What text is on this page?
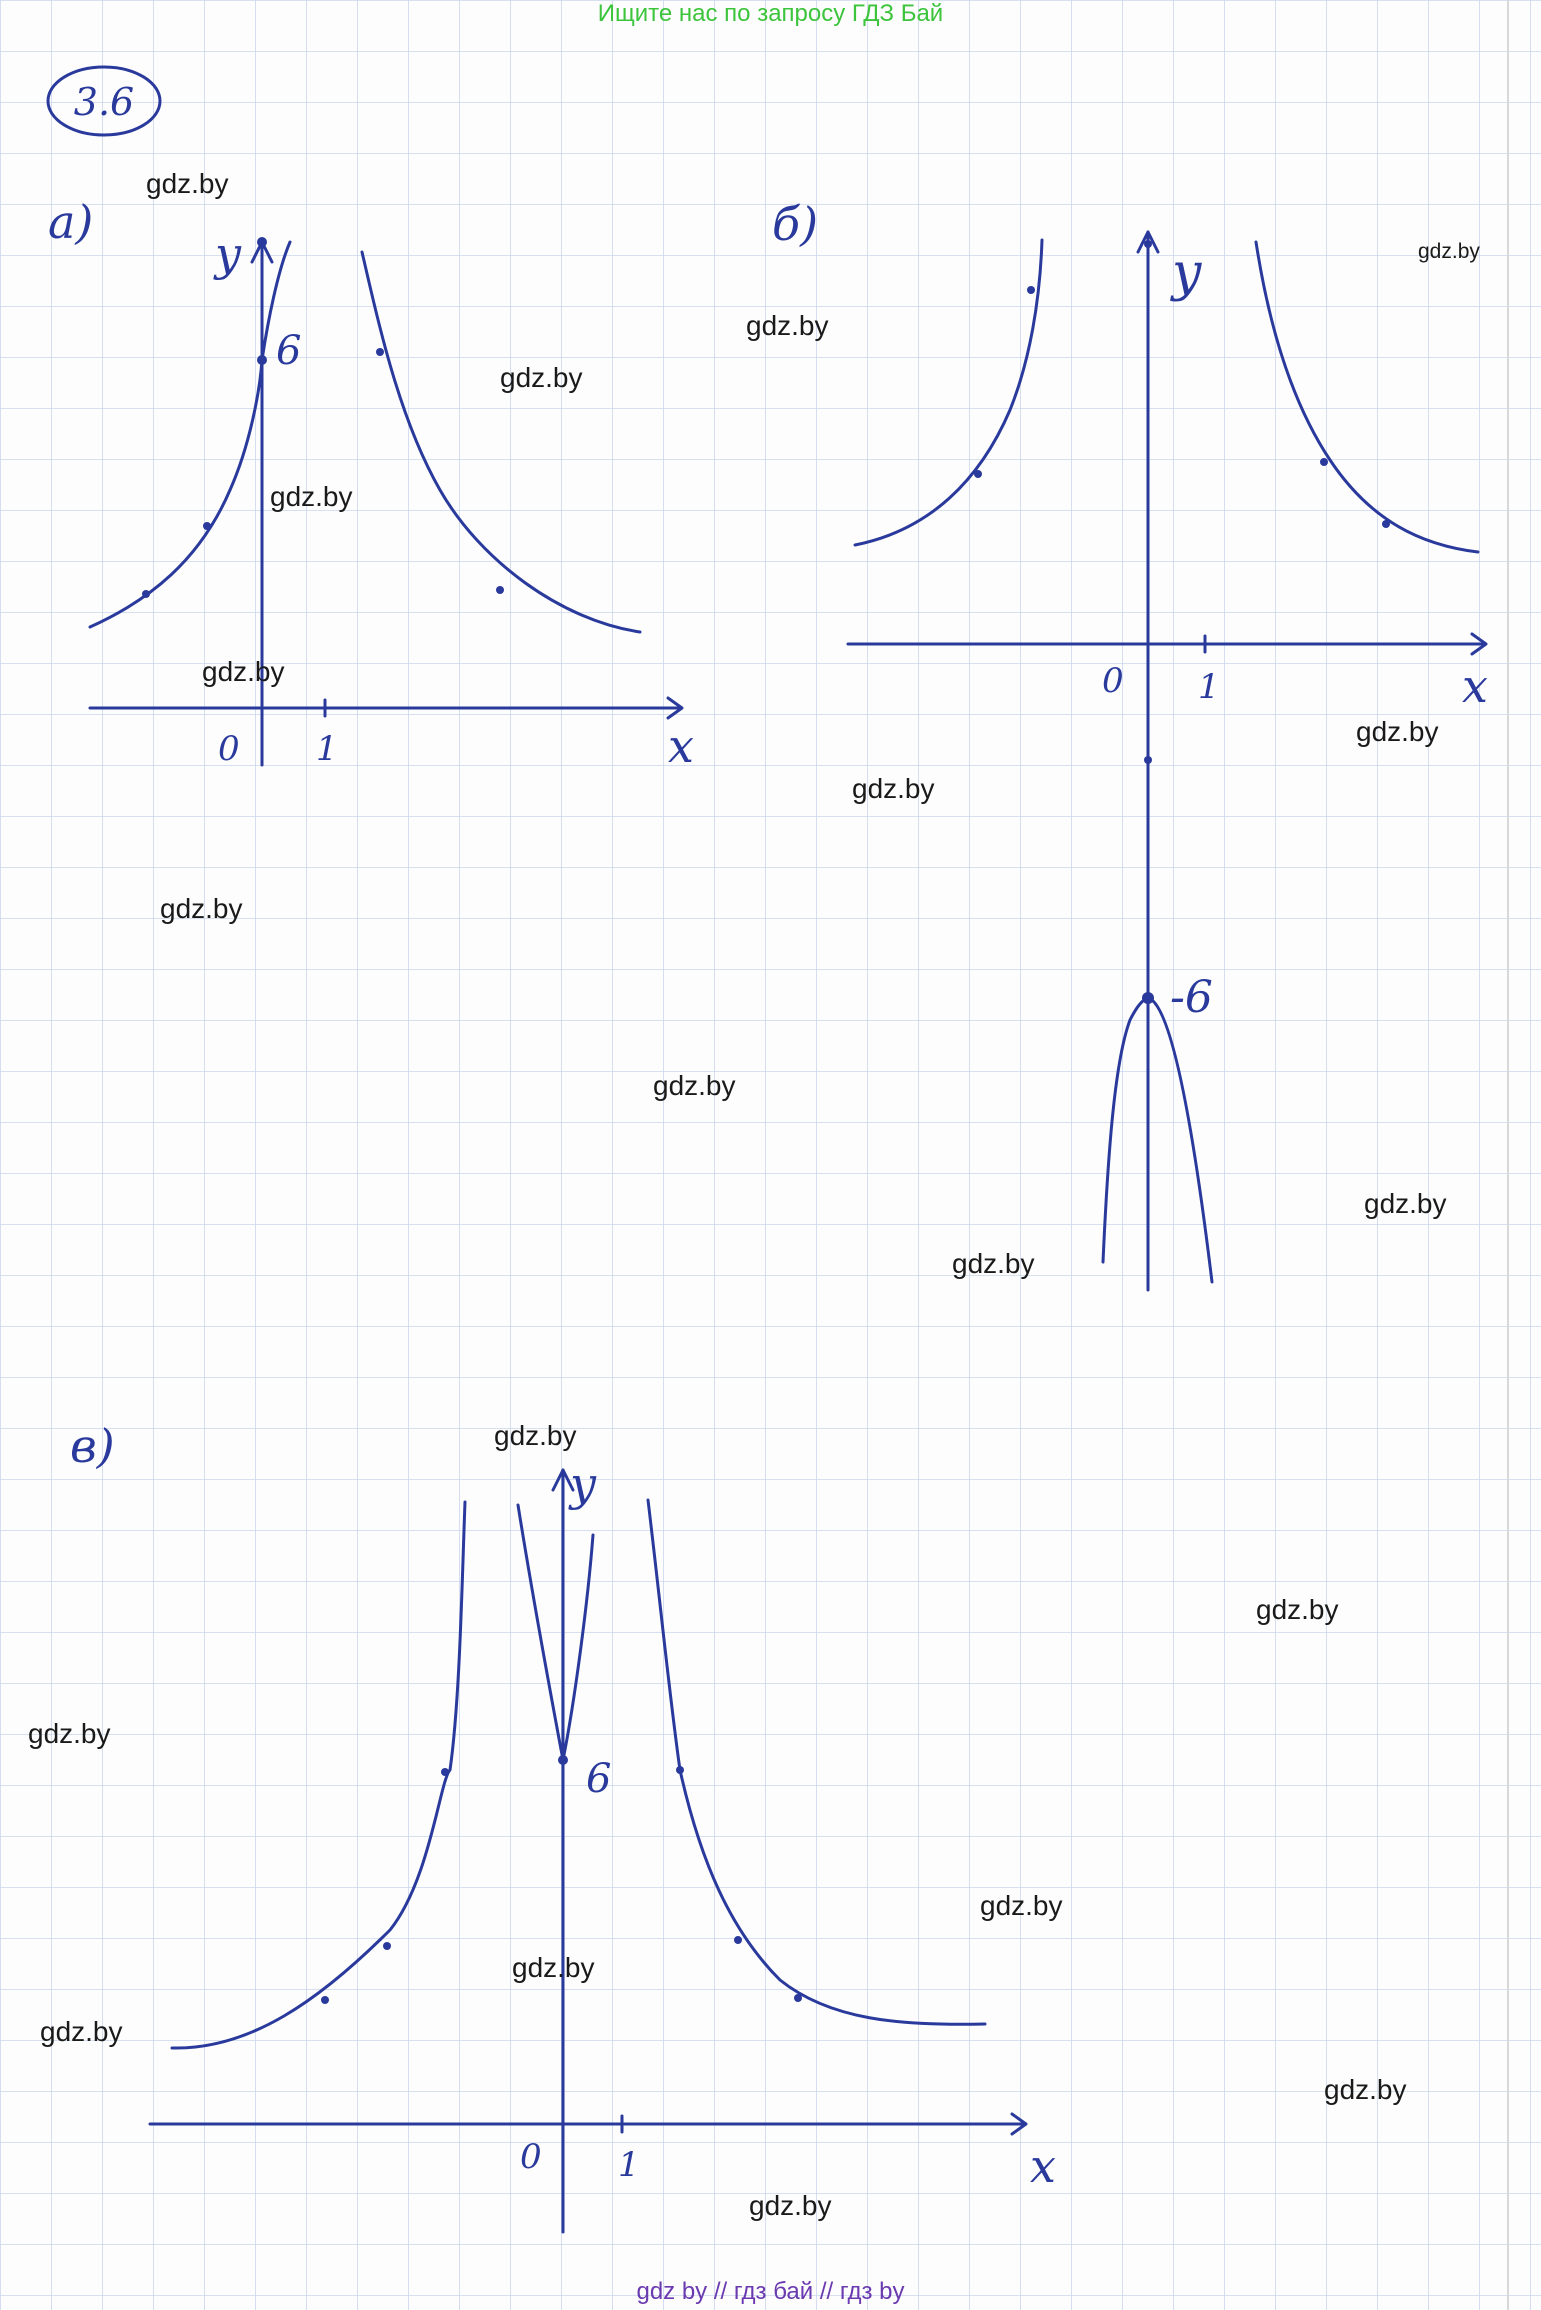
3.6
а)
y
x
0 1
6
б)
y
x
0 1
-6
в)
y
x
0 1
6
Ищите нас по запросу ГДЗ Бай
gdz.by
gdz.by
gdz.by
gdz.by
gdz.by
gdz.by
gdz.by
gdz.by
gdz.by
gdz.by
gdz.by
gdz.by
gdz.by
gdz.by
gdz.by
gdz.by
gdz.by
gdz.by
gdz.by
gdz.by
gdz by // гдз бай // гдз by
